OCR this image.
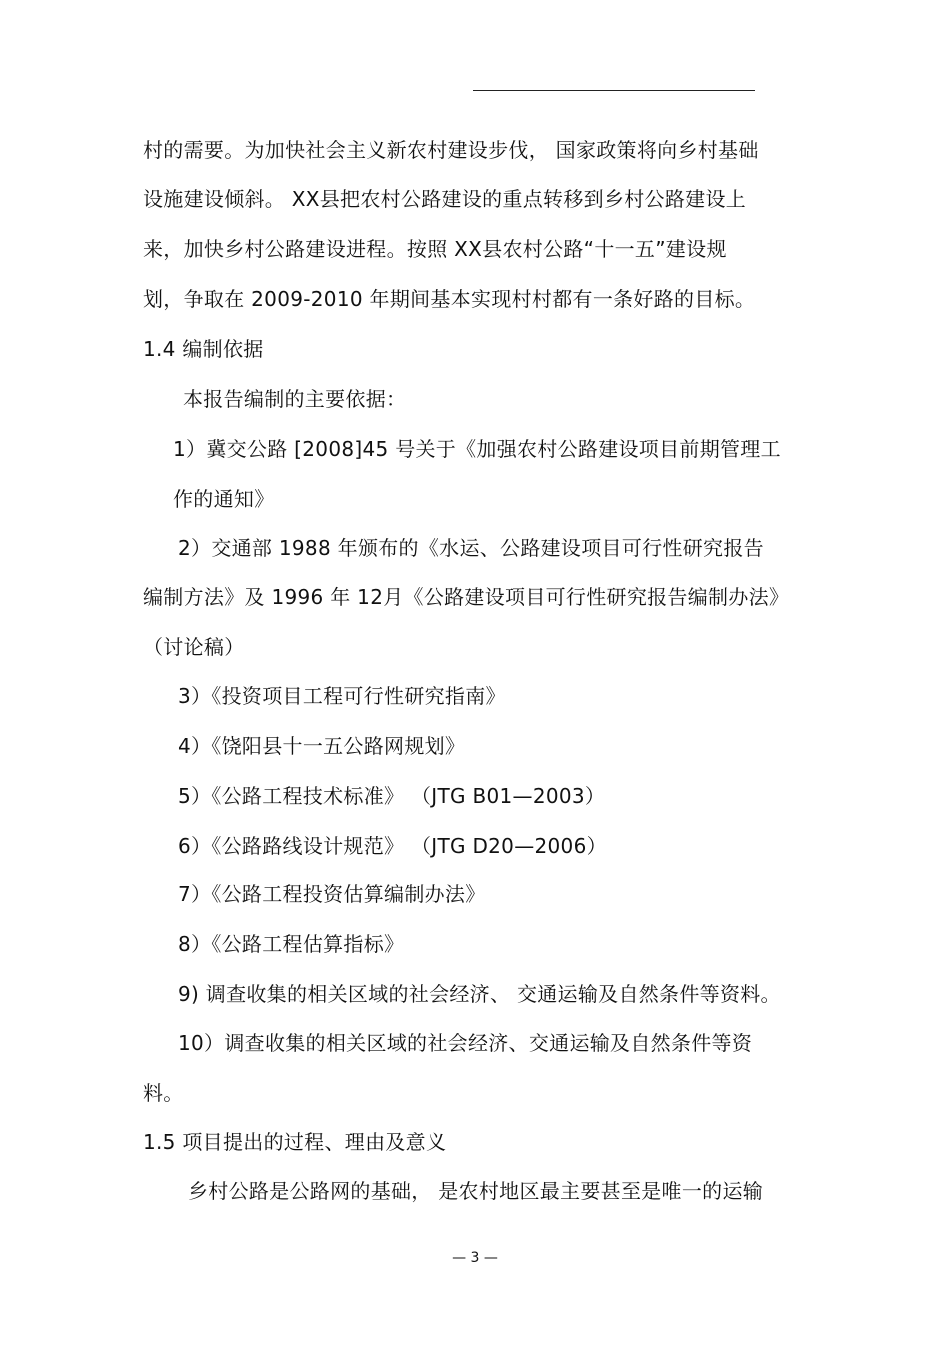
村的需要。为加快社会主义新农村建设步伐， 国家政策将向乡村基础
设施建设倾斜。 XX县把农村公路建设的重点转移到乡村公路建设上
来，加快乡村公路建设进程。按照 XX县农村公路“十一五”建设规
划，争取在 2009-2010 年期间基本实现村村都有一条好路的目标。
1.4 编制依据
本报告编制的主要依据：
1）冀交公路 [2008]45 号关于《加强农村公路建设项目前期管理工
作的通知》
2）交通部 1988 年颁布的《水运、公路建设项目可行性研究报告
编制方法》及 1996 年 12月《公路建设项目可行性研究报告编制办法》
（讨论稿）
3）《投资项目工程可行性研究指南》
4）《饶阳县十一五公路网规划》
5）《公路工程技术标准》 （JTG B01—2003）
6）《公路路线设计规范》 （JTG D20—2006）
7）《公路工程投资估算编制办法》
8）《公路工程估算指标》
9) 调查收集的相关区域的社会经济、 交通运输及自然条件等资料。
10）调查收集的相关区域的社会经济、交通运输及自然条件等资
料。
1.5 项目提出的过程、理由及意义
乡村公路是公路网的基础， 是农村地区最主要甚至是唯一的运输
— 3 —
